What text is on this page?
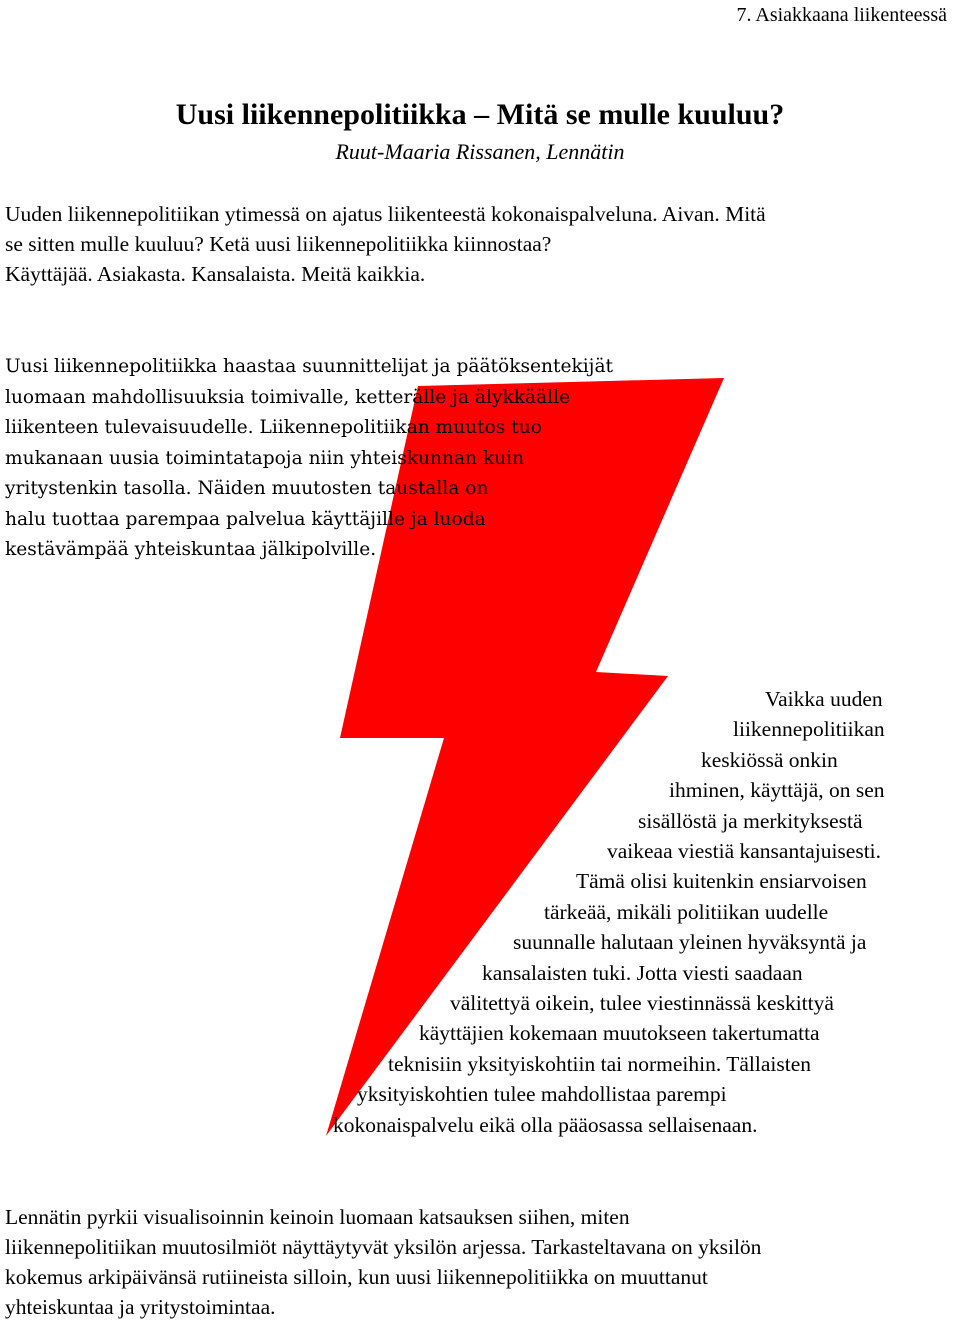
7. Asiakkaana liikenteessä
Uusi liikennepolitiikka – Mitä se mulle kuuluu?
Ruut-Maaria Rissanen, Lennätin
Uuden liikennepolitiikan ytimessä on ajatus liikenteestä kokonaispalveluna. Aivan. Mitä
se sitten mulle kuuluu? Ketä uusi liikennepolitiikka kiinnostaa?
Käyttäjää. Asiakasta. Kansalaista. Meitä kaikkia.
Uusi liikennepolitiikka haastaa suunnittelijat ja päätöksentekijät
luomaan mahdollisuuksia toimivalle, ketterälle ja älykkäälle
liikenteen tulevaisuudelle. Liikennepolitiikan muutos tuo
mukanaan uusia toimintatapoja niin yhteiskunnan kuin
yritystenkin tasolla. Näiden muutosten taustalla on
halu tuottaa parempaa palvelua käyttäjille ja luoda
kestävämpää yhteiskuntaa jälkipolville.
Vaikka uuden
liikennepolitiikan
keskiössä onkin
ihminen, käyttäjä, on sen
sisällöstä ja merkityksestä
vaikeaa viestiä kansantajuisesti.
Tämä olisi kuitenkin ensiarvoisen
tärkeää, mikäli politiikan uudelle
suunnalle halutaan yleinen hyväksyntä ja
kansalaisten tuki. Jotta viesti saadaan
välitettyä oikein, tulee viestinnässä keskittyä
käyttäjien kokemaan muutokseen takertumatta
teknisiin yksityiskohtiin tai normeihin. Tällaisten
yksityiskohtien tulee mahdollistaa parempi
kokonaispalvelu eikä olla pääosassa sellaisenaan.
Lennätin pyrkii visualisoinnin keinoin luomaan katsauksen siihen, miten
liikennepolitiikan muutosilmiöt näyttäytyvät yksilön arjessa. Tarkasteltavana on yksilön
kokemus arkipäivänsä rutiineista silloin, kun uusi liikennepolitiikka on muuttanut
yhteiskuntaa ja yritystoimintaa.
